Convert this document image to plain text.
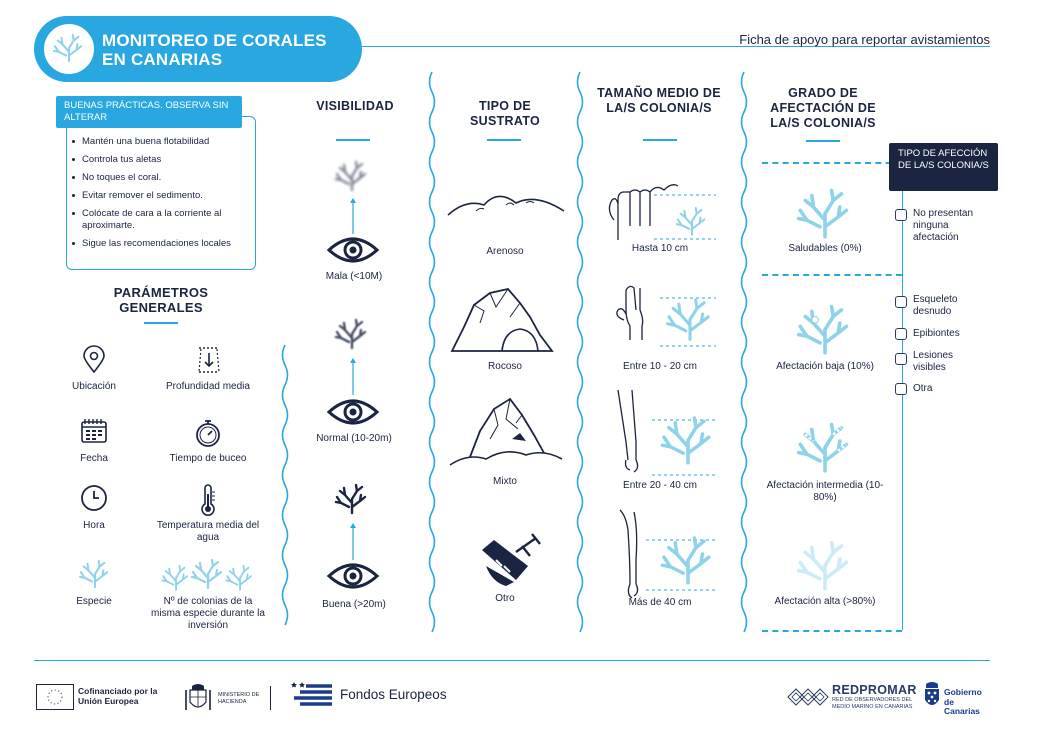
MONITOREO DE CORALES
EN CANARIAS
Ficha de apoyo para reportar avistamientos
BUENAS PRÁCTICAS. OBSERVA SIN ALTERAR
Mantén una buena flotabilidad
Controla tus aletas
No toques el coral.
Evitar remover el sedimento.
Colócate de cara a la corriente al aproximarte.
Sigue las recomendaciones locales
PARÁMETROS GENERALES
Ubicación	Profundidad media
Fecha	Tiempo de buceo
Hora	Temperatura media del agua
Especie	Nº de colonias de la misma especie durante la inversión
VISIBILIDAD
Mala (<10M)
Normal (10-20m)
Buena (>20m)
TIPO DE SUSTRATO
Arenoso
Rocoso
Mixto
Otro
TAMAÑO MEDIO DE LA/S COLONIA/S
Hasta 10 cm
Entre 10 - 20 cm
Entre 20 - 40 cm
Más de 40 cm
GRADO DE AFECTACIÓN DE LA/S COLONIA/S
Saludables (0%)
Afectación baja (10%)
Afectación intermedia (10-80%)
Afectación alta (>80%)
TIPO DE AFECCIÓN DE LA/S COLONIA/S
No presentan ninguna afectación
Esqueleto desnudo
Epibiontes
Lesiones visibles
Otra
Cofinanciado por la Unión Europea
MINISTERIO DE HACIENDA	Fondos Europeos	REDPROMAR
RED DE OBSERVADORES DEL MEDIO MARINO EN CANARIAS
Gobierno de Canarias
